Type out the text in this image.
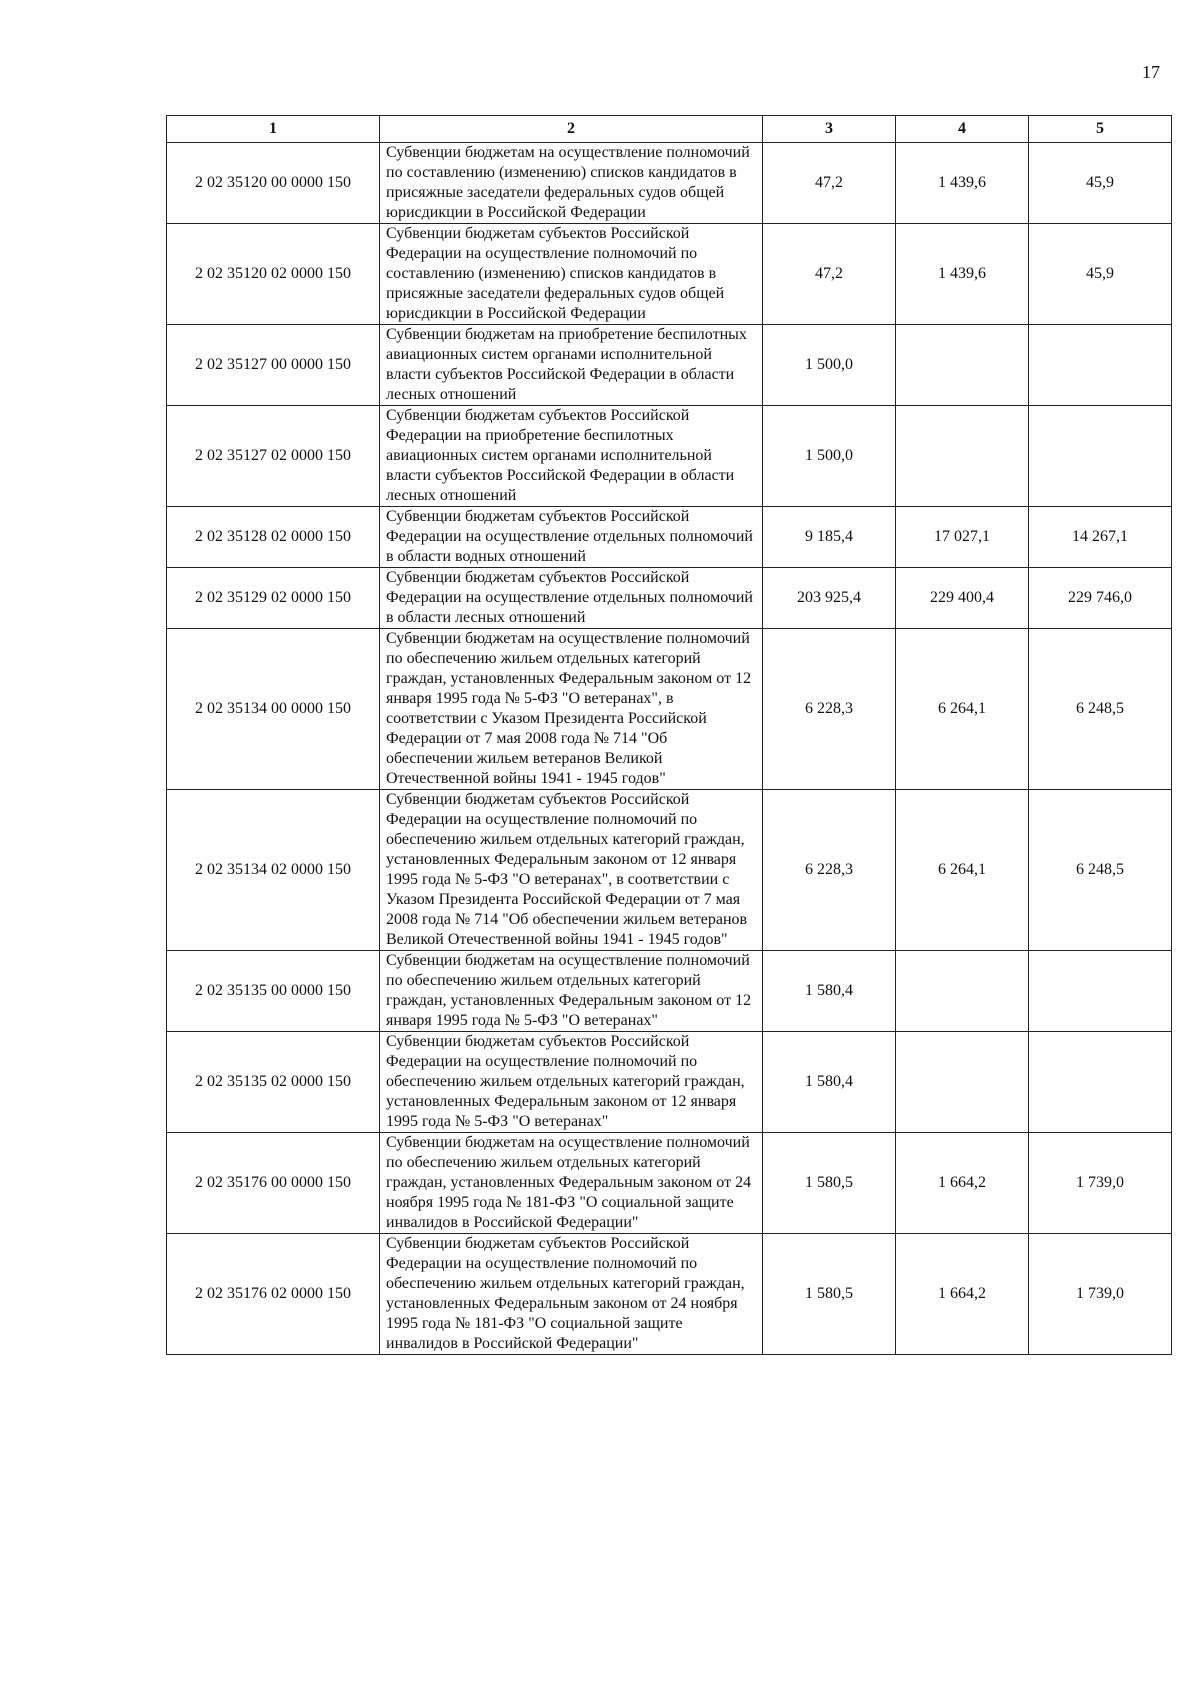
17
1	2	3	4	5
2 02 35120 00 0000 150	Субвенции бюджетам на осуществление полномочий по составлению (изменению) списков кандидатов в присяжные заседатели федеральных судов общей юрисдикции в Российской Федерации	47,2	1 439,6	45,9
2 02 35120 02 0000 150	Субвенции бюджетам субъектов Российской Федерации на осуществление полномочий по составлению (изменению) списков кандидатов в присяжные заседатели федеральных судов общей юрисдикции в Российской Федерации	47,2	1 439,6	45,9
2 02 35127 00 0000 150	Субвенции бюджетам на приобретение беспилотных авиационных систем органами исполнительной власти субъектов Российской Федерации в области лесных отношений	1 500,0		
2 02 35127 02 0000 150	Субвенции бюджетам субъектов Российской Федерации на приобретение беспилотных авиационных систем органами исполнительной власти субъектов Российской Федерации в области лесных отношений	1 500,0		
2 02 35128 02 0000 150	Субвенции бюджетам субъектов Российской Федерации на осуществление отдельных полномочий в области водных отношений	9 185,4	17 027,1	14 267,1
2 02 35129 02 0000 150	Субвенции бюджетам субъектов Российской Федерации на осуществление отдельных полномочий в области лесных отношений	203 925,4	229 400,4	229 746,0
2 02 35134 00 0000 150	Субвенции бюджетам на осуществление полномочий по обеспечению жильем отдельных категорий граждан, установленных Федеральным законом от 12 января 1995 года № 5-ФЗ "О ветеранах", в соответствии с Указом Президента Российской Федерации от 7 мая 2008 года № 714 "Об обеспечении жильем ветеранов Великой Отечественной войны 1941 - 1945 годов"	6 228,3	6 264,1	6 248,5
2 02 35134 02 0000 150	Субвенции бюджетам субъектов Российской Федерации на осуществление полномочий по обеспечению жильем отдельных категорий граждан, установленных Федеральным законом от 12 января 1995 года № 5-ФЗ "О ветеранах", в соответствии с Указом Президента Российской Федерации от 7 мая 2008 года № 714 "Об обеспечении жильем ветеранов Великой Отечественной войны 1941 - 1945 годов"	6 228,3	6 264,1	6 248,5
2 02 35135 00 0000 150	Субвенции бюджетам на осуществление полномочий по обеспечению жильем отдельных категорий граждан, установленных Федеральным законом от 12 января 1995 года № 5-ФЗ "О ветеранах"	1 580,4		
2 02 35135 02 0000 150	Субвенции бюджетам субъектов Российской Федерации на осуществление полномочий по обеспечению жильем отдельных категорий граждан, установленных Федеральным законом от 12 января 1995 года № 5-ФЗ "О ветеранах"	1 580,4		
2 02 35176 00 0000 150	Субвенции бюджетам на осуществление полномочий по обеспечению жильем отдельных категорий граждан, установленных Федеральным законом от 24 ноября 1995 года № 181-ФЗ "О социальной защите инвалидов в Российской Федерации"	1 580,5	1 664,2	1 739,0
2 02 35176 02 0000 150	Субвенции бюджетам субъектов Российской Федерации на осуществление полномочий по обеспечению жильем отдельных категорий граждан, установленных Федеральным законом от 24 ноября 1995 года № 181-ФЗ "О социальной защите инвалидов в Российской Федерации"	1 580,5	1 664,2	1 739,0
